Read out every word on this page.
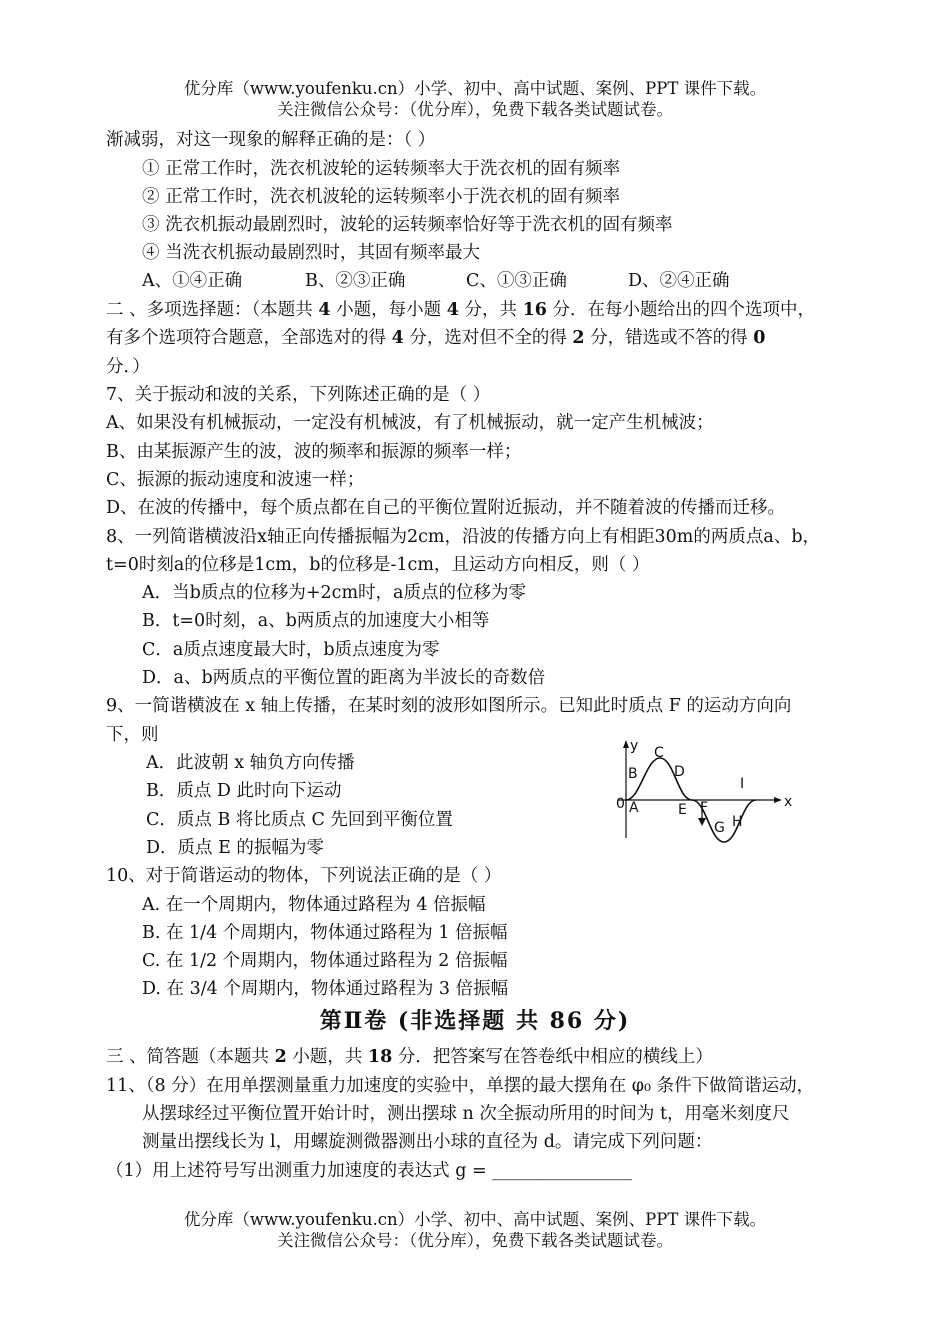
优分库（www.youfenku.cn）小学、初中、高中试题、案例、PPT 课件下载。
关注微信公众号：（优分库），免费下载各类试题试卷。
渐减弱，对这一现象的解释正确的是：（ ）
① 正常工作时，洗衣机波轮的运转频率大于洗衣机的固有频率
② 正常工作时，洗衣机波轮的运转频率小于洗衣机的固有频率
③ 洗衣机振动最剧烈时，波轮的运转频率恰好等于洗衣机的固有频率
④ 当洗衣机振动最剧烈时，其固有频率最大
A、①④正确	B、②③正确	C、①③正确	D、②④正确
二 、多项选择题：（本题共 4 小题，每小题 4 分，共 16 分．在每小题给出的四个选项中，
有多个选项符合题意，全部选对的得 4 分，选对但不全的得 2 分，错选或不答的得 0
分．）
7、关于振动和波的关系，下列陈述正确的是（ ）
A、如果没有机械振动，一定没有机械波，有了机械振动，就一定产生机械波；
B、由某振源产生的波，波的频率和振源的频率一样；
C、振源的振动速度和波速一样；
D、在波的传播中，每个质点都在自己的平衡位置附近振动，并不随着波的传播而迁移。
8、一列简谐横波沿x轴正向传播振幅为2cm，沿波的传播方向上有相距30m的两质点a、b，
t=0时刻a的位移是1cm，b的位移是-1cm，且运动方向相反，则（ ）
A．当b质点的位移为+2cm时，a质点的位移为零
B．t=0时刻，a、b两质点的加速度大小相等
C．a质点速度最大时，b质点速度为零
D．a、b两质点的平衡位置的距离为半波长的奇数倍
9、一简谐横波在 x 轴上传播，在某时刻的波形如图所示。已知此时质点 F 的运动方向向
下，则
A．此波朝 x 轴负方向传播
B．质点 D 此时向下运动
C．质点 B 将比质点 C 先回到平衡位置
D．质点 E 的振幅为零
y
x
0 A
B
C
D
E F
G H
I
10、对于简谐运动的物体，下列说法正确的是（ ）
A. 在一个周期内，物体通过路程为 4 倍振幅
B. 在 1/4 个周期内，物体通过路程为 1 倍振幅
C. 在 1/2 个周期内，物体通过路程为 2 倍振幅
D. 在 3/4 个周期内，物体通过路程为 3 倍振幅
第Ⅱ卷 (非选择题 共 86 分)
三 、简答题（本题共 2 小题，共 18 分．把答案写在答卷纸中相应的横线上）
11、（8 分）在用单摆测量重力加速度的实验中，单摆的最大摆角在 φ₀ 条件下做简谐运动，
从摆球经过平衡位置开始计时，测出摆球 n 次全振动所用的时间为 t，用毫米刻度尺
测量出摆线长为 l，用螺旋测微器测出小球的直径为 d。请完成下列问题：
（1）用上述符号写出测重力加速度的表达式 g = ________________
优分库（www.youfenku.cn）小学、初中、高中试题、案例、PPT 课件下载。
关注微信公众号：（优分库），免费下载各类试题试卷。
